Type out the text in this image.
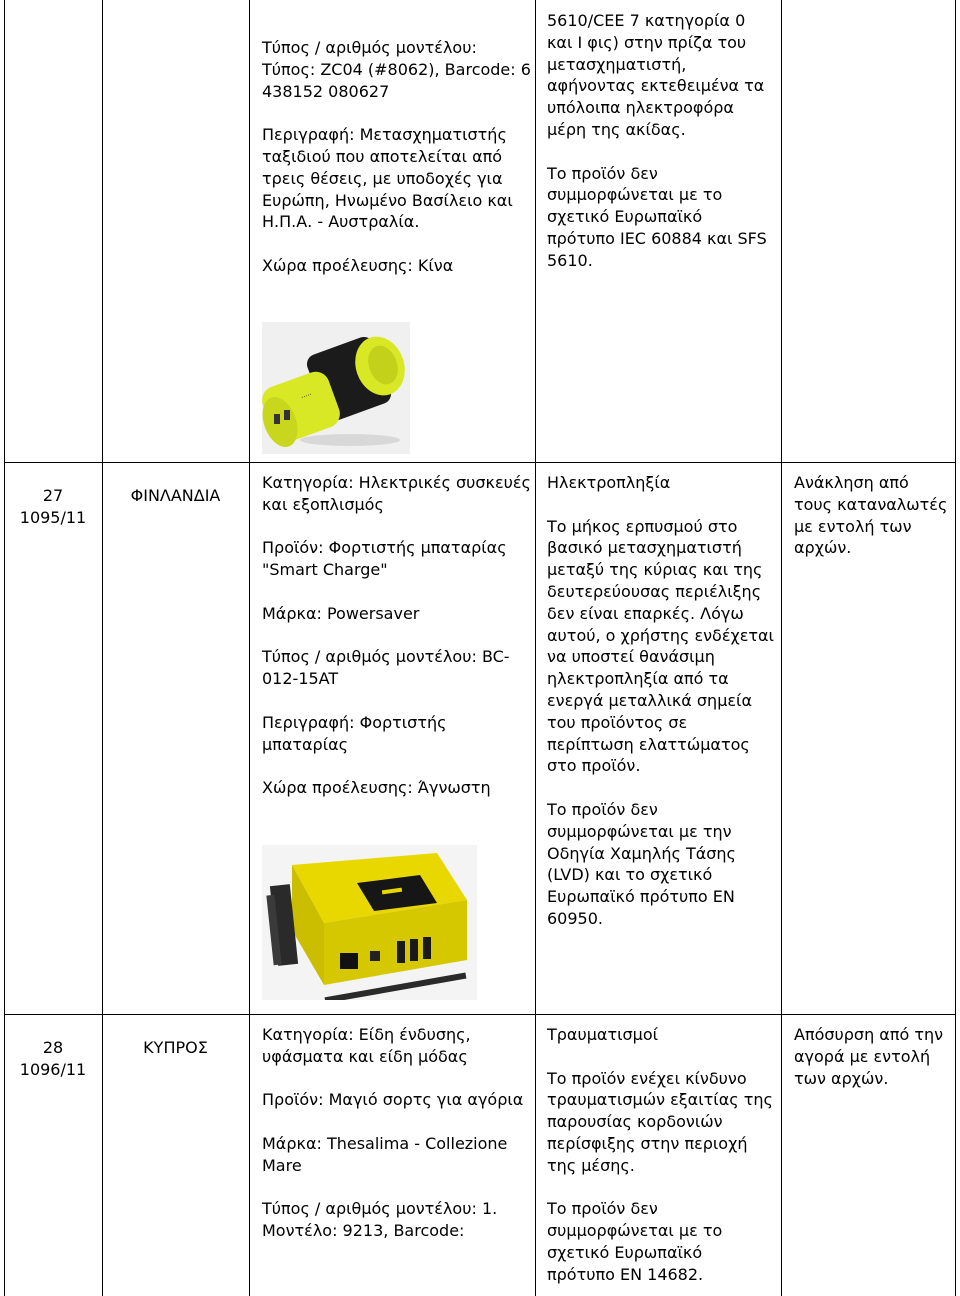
Τύπος / αριθμός μοντέλου: Τύπος: ZC04 (#8062), Barcode: 6 438152 080627

Περιγραφή: Μετασχηματιστής ταξιδιού που αποτελείται από τρεις θέσεις, με υποδοχές για Ευρώπη, Ηνωμένο Βασίλειο και Η.Π.Α. - Αυστραλία.

Χώρα προέλευσης: Κίνα

5610/CEE 7 κατηγορία 0 και I φις) στην πρίζα του μετασχηματιστή, αφήνοντας εκτεθειμένα τα υπόλοιπα ηλεκτροφόρα μέρη της ακίδας.

Το προϊόν δεν συμμορφώνεται με το σχετικό Ευρωπαϊκό πρότυπο IEC 60884 και SFS 5610.

·····
27
1095/11
ΦΙΝΛΑΝΔΙΑ

Κατηγορία: Ηλεκτρικές συσκευές και εξοπλισμός

Προϊόν: Φορτιστής μπαταρίας "Smart Charge"

Μάρκα: Powersaver

Τύπος / αριθμός μοντέλου: BC-012-15AT

Περιγραφή: Φορτιστής μπαταρίας

Χώρα προέλευσης: Άγνωστη

Ηλεκτροπληξία

Το μήκος ερπυσμού στο βασικό μετασχηματιστή μεταξύ της κύριας και της δευτερεύουσας περιέλιξης δεν είναι επαρκές. Λόγω αυτού, ο χρήστης ενδέχεται να υποστεί θανάσιμη ηλεκτροπληξία από τα ενεργά μεταλλικά σημεία του προϊόντος σε περίπτωση ελαττώματος στο προϊόν.

Το προϊόν δεν συμμορφώνεται με την Οδηγία Χαμηλής Τάσης (LVD) και το σχετικό Ευρωπαϊκό πρότυπο EN 60950.

Ανάκληση από τους καταναλωτές με εντολή των αρχών.
28
1096/11
ΚΥΠΡΟΣ

Κατηγορία: Είδη ένδυσης, υφάσματα και είδη μόδας

Προϊόν: Μαγιό σορτς για αγόρια

Μάρκα: Thesalima - Collezione Mare

Τύπος / αριθμός μοντέλου: 1. Μοντέλο: 9213, Barcode:

Τραυματισμοί

Το προϊόν ενέχει κίνδυνο τραυματισμών εξαιτίας της παρουσίας κορδονιών περίσφιξης στην περιοχή της μέσης.

Το προϊόν δεν συμμορφώνεται με το σχετικό Ευρωπαϊκό πρότυπο EN 14682.

Απόσυρση από την αγορά με εντολή των αρχών.
